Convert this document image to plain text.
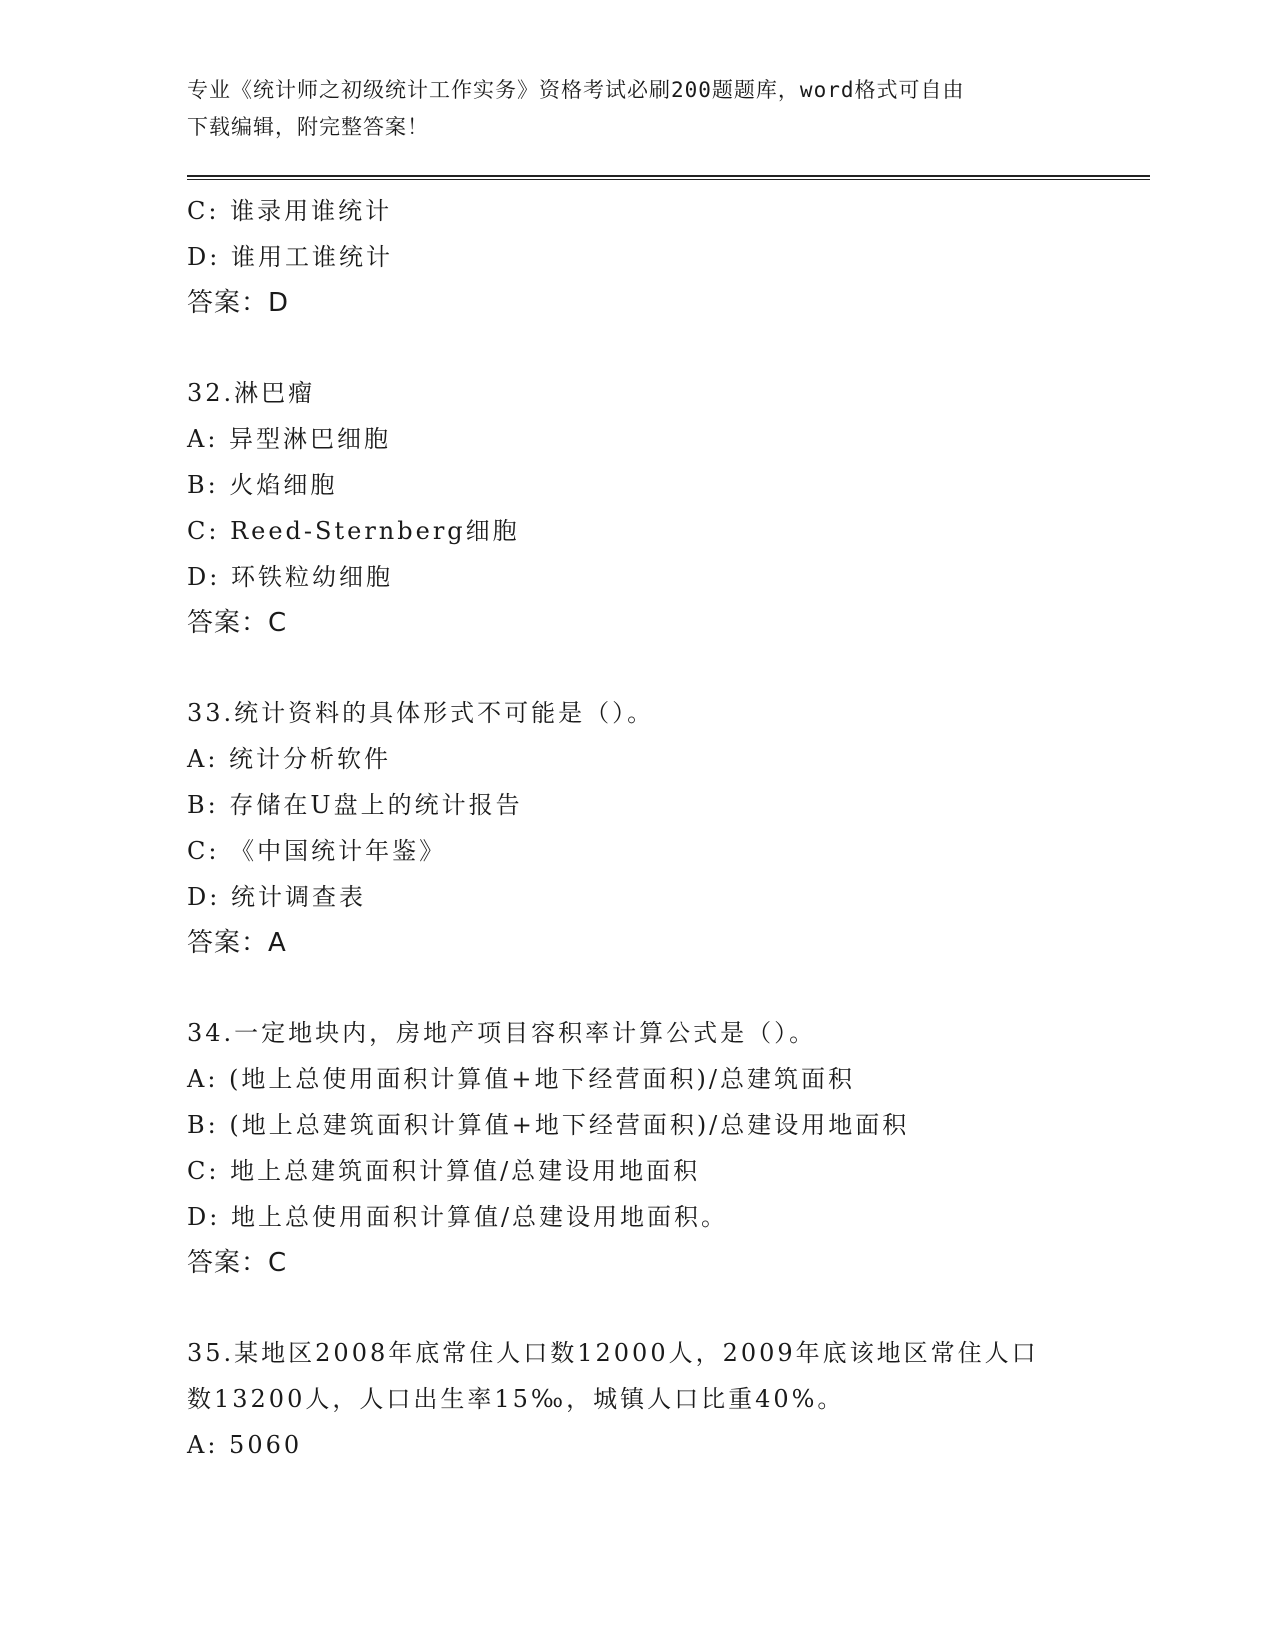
专业《统计师之初级统计工作实务》资格考试必刷200题题库，word格式可自由
下载编辑，附完整答案！
C: 谁录用谁统计
D: 谁用工谁统计
答案：D
32.淋巴瘤
A: 异型淋巴细胞
B: 火焰细胞
C: Reed-Sternberg细胞
D: 环铁粒幼细胞
答案：C
33.统计资料的具体形式不可能是（）。
A: 统计分析软件
B: 存储在U盘上的统计报告
C: 《中国统计年鉴》
D: 统计调查表
答案：A
34.一定地块内，房地产项目容积率计算公式是（）。
A: (地上总使用面积计算值+地下经营面积)/总建筑面积
B: (地上总建筑面积计算值+地下经营面积)/总建设用地面积
C: 地上总建筑面积计算值/总建设用地面积
D: 地上总使用面积计算值/总建设用地面积。
答案：C
35.某地区2008年底常住人口数12000人，2009年底该地区常住人口
数13200人，人口出生率15‰，城镇人口比重40%。
A: 5060
